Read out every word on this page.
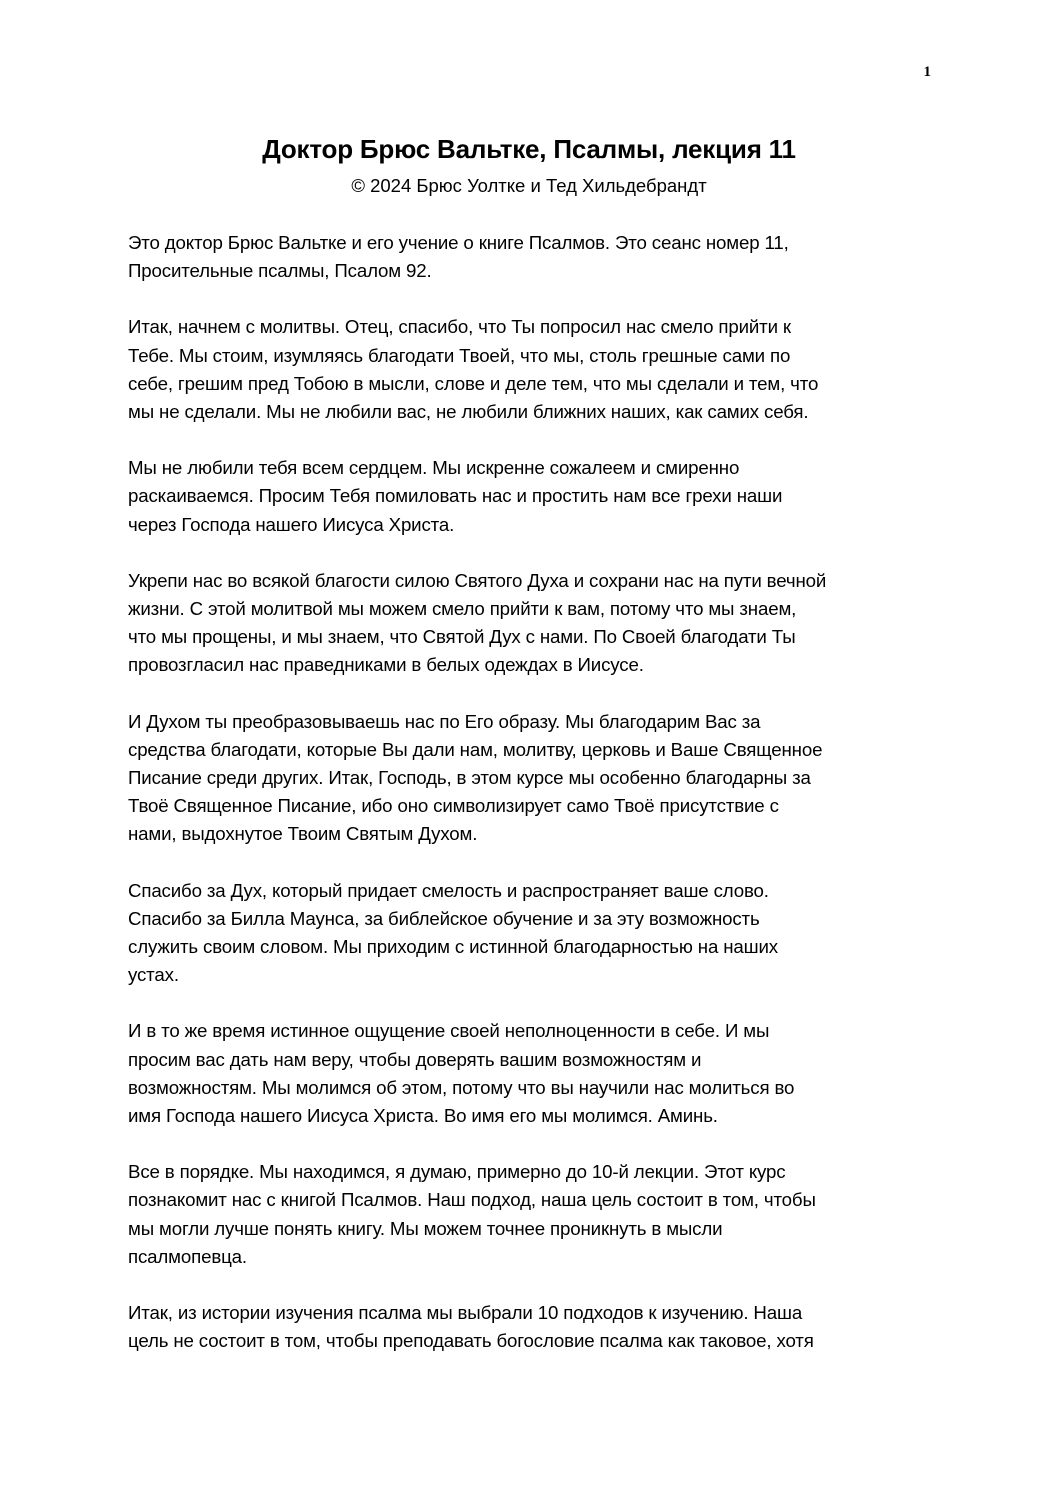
1
Доктор Брюс Вальтке, Псалмы, лекция 11
© 2024 Брюс Уолтке и Тед Хильдебрандт

Это доктор Брюс Вальтке и его учение о книге Псалмов. Это сеанс номер 11,
Просительные псалмы, Псалом 92.

Итак, начнем с молитвы. Отец, спасибо, что Ты попросил нас смело прийти к
Тебе. Мы стоим, изумляясь благодати Твоей, что мы, столь грешные сами по
себе, грешим пред Тобою в мысли, слове и деле тем, что мы сделали и тем, что
мы не сделали. Мы не любили вас, не любили ближних наших, как самих себя.

Мы не любили тебя всем сердцем. Мы искренне сожалеем и смиренно
раскаиваемся. Просим Тебя помиловать нас и простить нам все грехи наши
через Господа нашего Иисуса Христа.

Укрепи нас во всякой благости силою Святого Духа и сохрани нас на пути вечной
жизни. С этой молитвой мы можем смело прийти к вам, потому что мы знаем,
что мы прощены, и мы знаем, что Святой Дух с нами. По Своей благодати Ты
провозгласил нас праведниками в белых одеждах в Иисусе.

И Духом ты преобразовываешь нас по Его образу. Мы благодарим Вас за
средства благодати, которые Вы дали нам, молитву, церковь и Ваше Священное
Писание среди других. Итак, Господь, в этом курсе мы особенно благодарны за
Твоё Священное Писание, ибо оно символизирует само Твоё присутствие с
нами, выдохнутое Твоим Святым Духом.

Спасибо за Дух, который придает смелость и распространяет ваше слово.
Спасибо за Билла Маунса, за библейское обучение и за эту возможность
служить своим словом. Мы приходим с истинной благодарностью на наших
устах.

И в то же время истинное ощущение своей неполноценности в себе. И мы
просим вас дать нам веру, чтобы доверять вашим возможностям и
возможностям. Мы молимся об этом, потому что вы научили нас молиться во
имя Господа нашего Иисуса Христа. Во имя его мы молимся. Аминь.

Все в порядке. Мы находимся, я думаю, примерно до 10-й лекции. Этот курс
познакомит нас с книгой Псалмов. Наш подход, наша цель состоит в том, чтобы
мы могли лучше понять книгу. Мы можем точнее проникнуть в мысли
псалмопевца.

Итак, из истории изучения псалма мы выбрали 10 подходов к изучению. Наша
цель не состоит в том, чтобы преподавать богословие псалма как таковое, хотя
